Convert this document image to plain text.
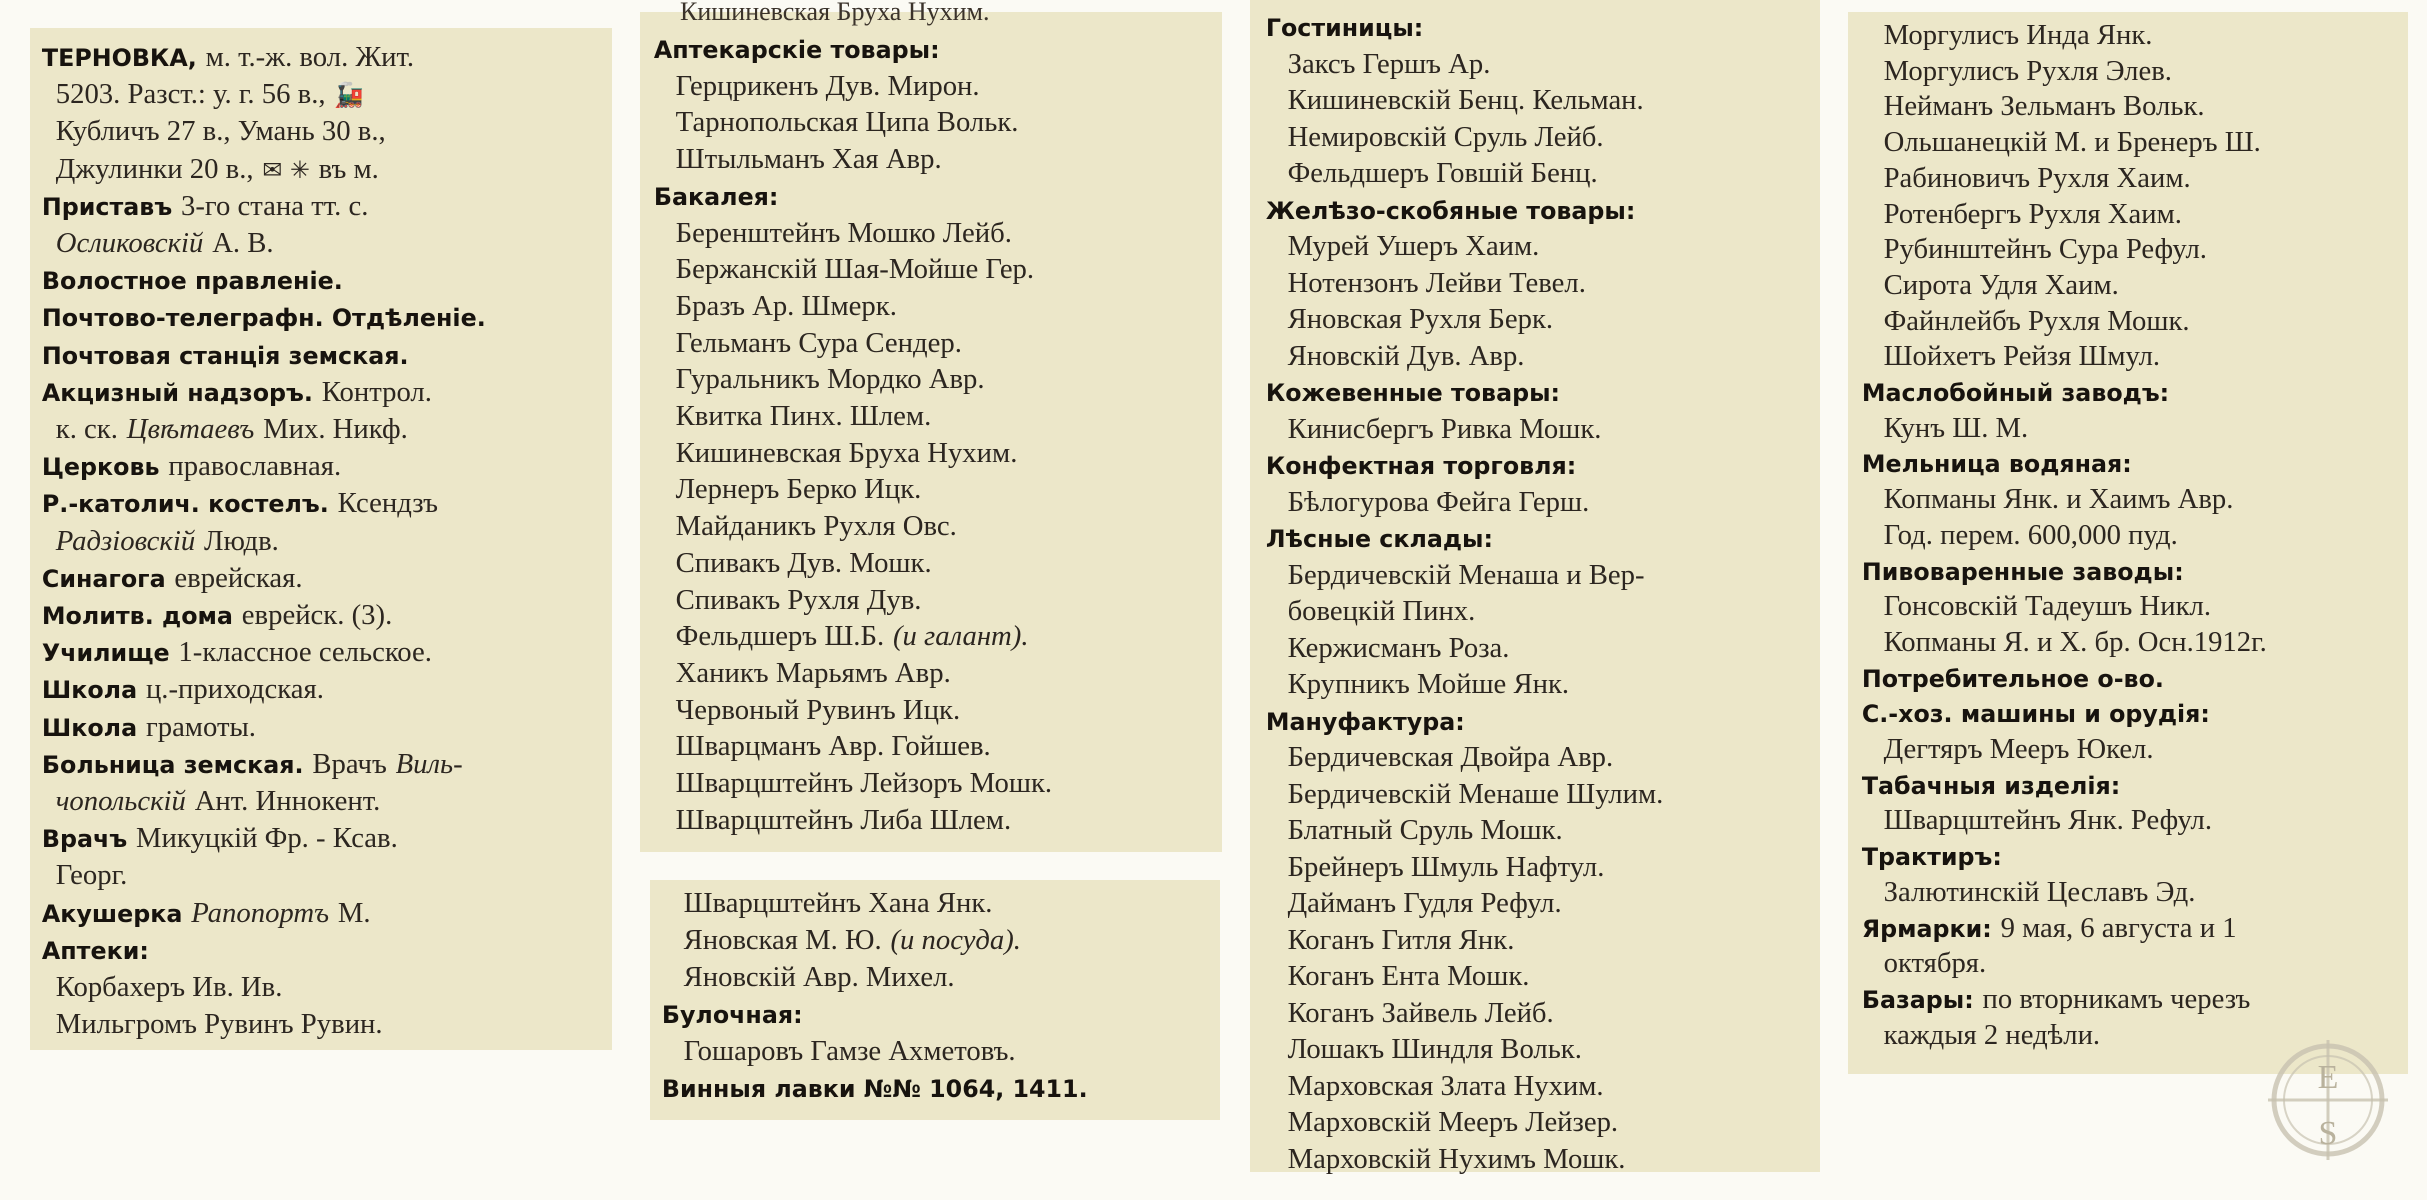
ТЕРНОВКА, м. т.-ж. вол. Жит.
5203. Разст.: у. г. 56 в., 🚂
Кубличъ 27 в., Умань 30 в.,
Джулинки 20 в., ✉ ✳ въ м.
Приставъ 3-го стана тт. с.
Осликовскій А. В.
Волостное правленіе.
Почтово-телеграфн. Отдѣленіе.
Почтовая станція земская.
Акцизный надзоръ. Контрол.
к. ск. Цвѣтаевъ Мих. Никф.
Церковь православная.
Р.-католич. костелъ. Ксендзъ
Радзіовскій Людв.
Синагога еврейская.
Молитв. дома еврейск. (3).
Училище 1-классное сельское.
Школа ц.-приходская.
Школа грамоты.
Больница земская. Врачъ Виль-
чопольскій Ант. Иннокент.
Врачъ Микуцкій Фр. - Ксав.
Георг.
Акушерка Рапопортъ М.
Аптеки:
Корбахеръ Ив. Ив.
Мильгромъ Рувинъ Рувин.
Кишиневская Бруха Нухим.
Аптекарскіе товары:
Герцрикенъ Дув. Мирон.
Тарнопольская Ципа Вольк.
Штыльманъ Хая Авр.
Бакалея:
Беренштейнъ Мошко Лейб.
Бержанскій Шая-Мойше Гер.
Бразъ Ар. Шмерк.
Гельманъ Сура Сендер.
Гуральникъ Мордко Авр.
Квитка Пинх. Шлем.
Кишиневская Бруха Нухим.
Лернеръ Берко Ицк.
Майданикъ Рухля Овс.
Спивакъ Дув. Мошк.
Спивакъ Рухля Дув.
Фельдшеръ Ш.Б. (и галант).
Ханикъ Марьямъ Авр.
Червоный Рувинъ Ицк.
Шварцманъ Авр. Гойшев.
Шварцштейнъ Лейзоръ Мошк.
Шварцштейнъ Либа Шлем.
Шварцштейнъ Хана Янк.
Яновская М. Ю. (и посуда).
Яновскій Авр. Михел.
Булочная:
Гошаровъ Гамзе Ахметовъ.
Винныя лавки №№ 1064, 1411.
Гостиницы:
Заксъ Гершъ Ар.
Кишиневскій Бенц. Кельман.
Немировскій Сруль Лейб.
Фельдшеръ Говшій Бенц.
Желѣзо-скобяные товары:
Мурей Ушеръ Хаим.
Нотензонъ Лейви Тевел.
Яновская Рухля Берк.
Яновскій Дув. Авр.
Кожевенные товары:
Кинисбергъ Ривка Мошк.
Конфектная торговля:
Бѣлогурова Фейга Герш.
Лѣсные склады:
Бердичевскій Менаша и Вер-
бовецкій Пинх.
Кержисманъ Роза.
Крупникъ Мойше Янк.
Мануфактура:
Бердичевская Двойра Авр.
Бердичевскій Менаше Шулим.
Блатный Сруль Мошк.
Брейнеръ Шмуль Нафтул.
Дайманъ Гудля Рефул.
Коганъ Гитля Янк.
Коганъ Ента Мошк.
Коганъ Зайвель Лейб.
Лошакъ Шиндля Вольк.
Марховская Злата Нухим.
Марховскій Мееръ Лейзер.
Марховскій Нухимъ Мошк.
Моргулисъ Инда Янк.
Моргулисъ Рухля Элев.
Нейманъ Зельманъ Вольк.
Ольшанецкій М. и Бренеръ Ш.
Рабиновичъ Рухля Хаим.
Ротенбергъ Рухля Хаим.
Рубинштейнъ Сура Рефул.
Сирота Удля Хаим.
Файнлейбъ Рухля Мошк.
Шойхетъ Рейзя Шмул.
Маслобойный заводъ:
Кунъ Ш. М.
Мельница водяная:
Копманы Янк. и Хаимъ Авр.
Год. перем. 600,000 пуд.
Пивоваренные заводы:
Гонсовскій Тадеушъ Никл.
Копманы Я. и Х. бр. Осн.1912г.
Потребительное о-во.
С.-хоз. машины и орудія:
Дегтяръ Мееръ Юкел.
Табачныя изделія:
Шварцштейнъ Янк. Рефул.
Трактиръ:
Залютинскій Цеславъ Эд.
Ярмарки: 9 мая, 6 августа и 1
октября.
Базары: по вторникамъ черезъ
каждыя 2 недѣли.
E
S
